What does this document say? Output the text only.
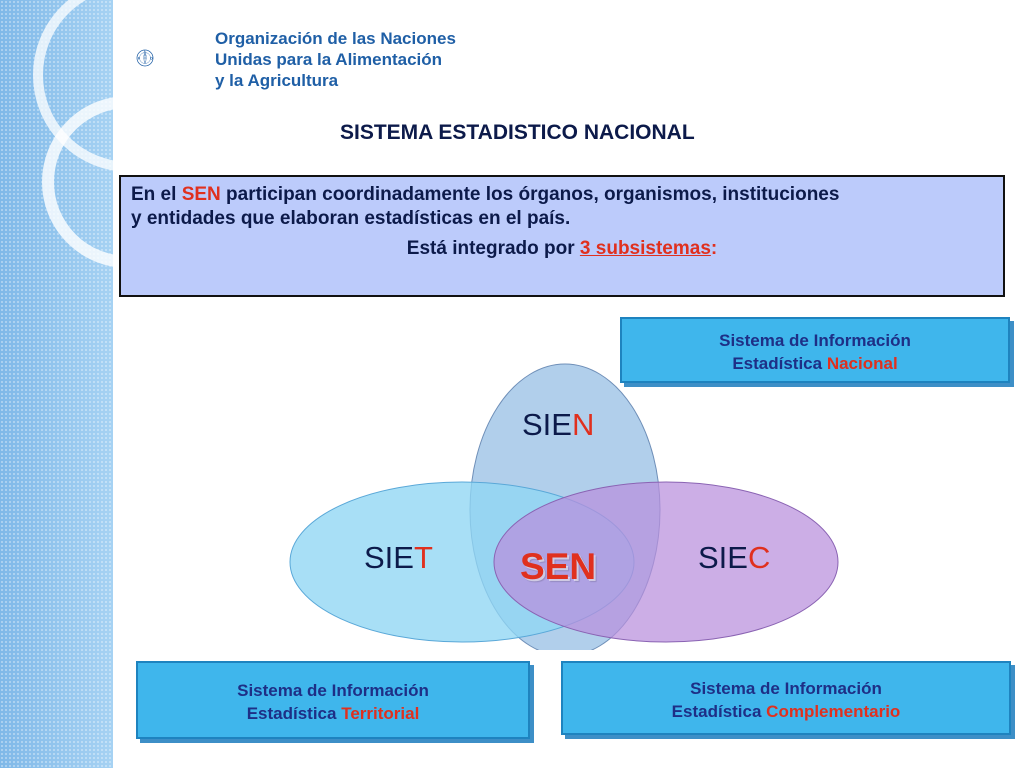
F O
A
Organización de las Naciones
Unidas para la Alimentación
y la Agricultura
SISTEMA ESTADISTICO NACIONAL
En el SEN participan coordinadamente los órganos, organismos, instituciones
y entidades que elaboran estadísticas en el país.
Está integrado por 3 subsistemas:
Sistema de Información
Estadística Nacional
SIEN
SIET	SIEC
SEN
Sistema de Información
Estadística Territorial
Sistema de Información
Estadística Complementario
